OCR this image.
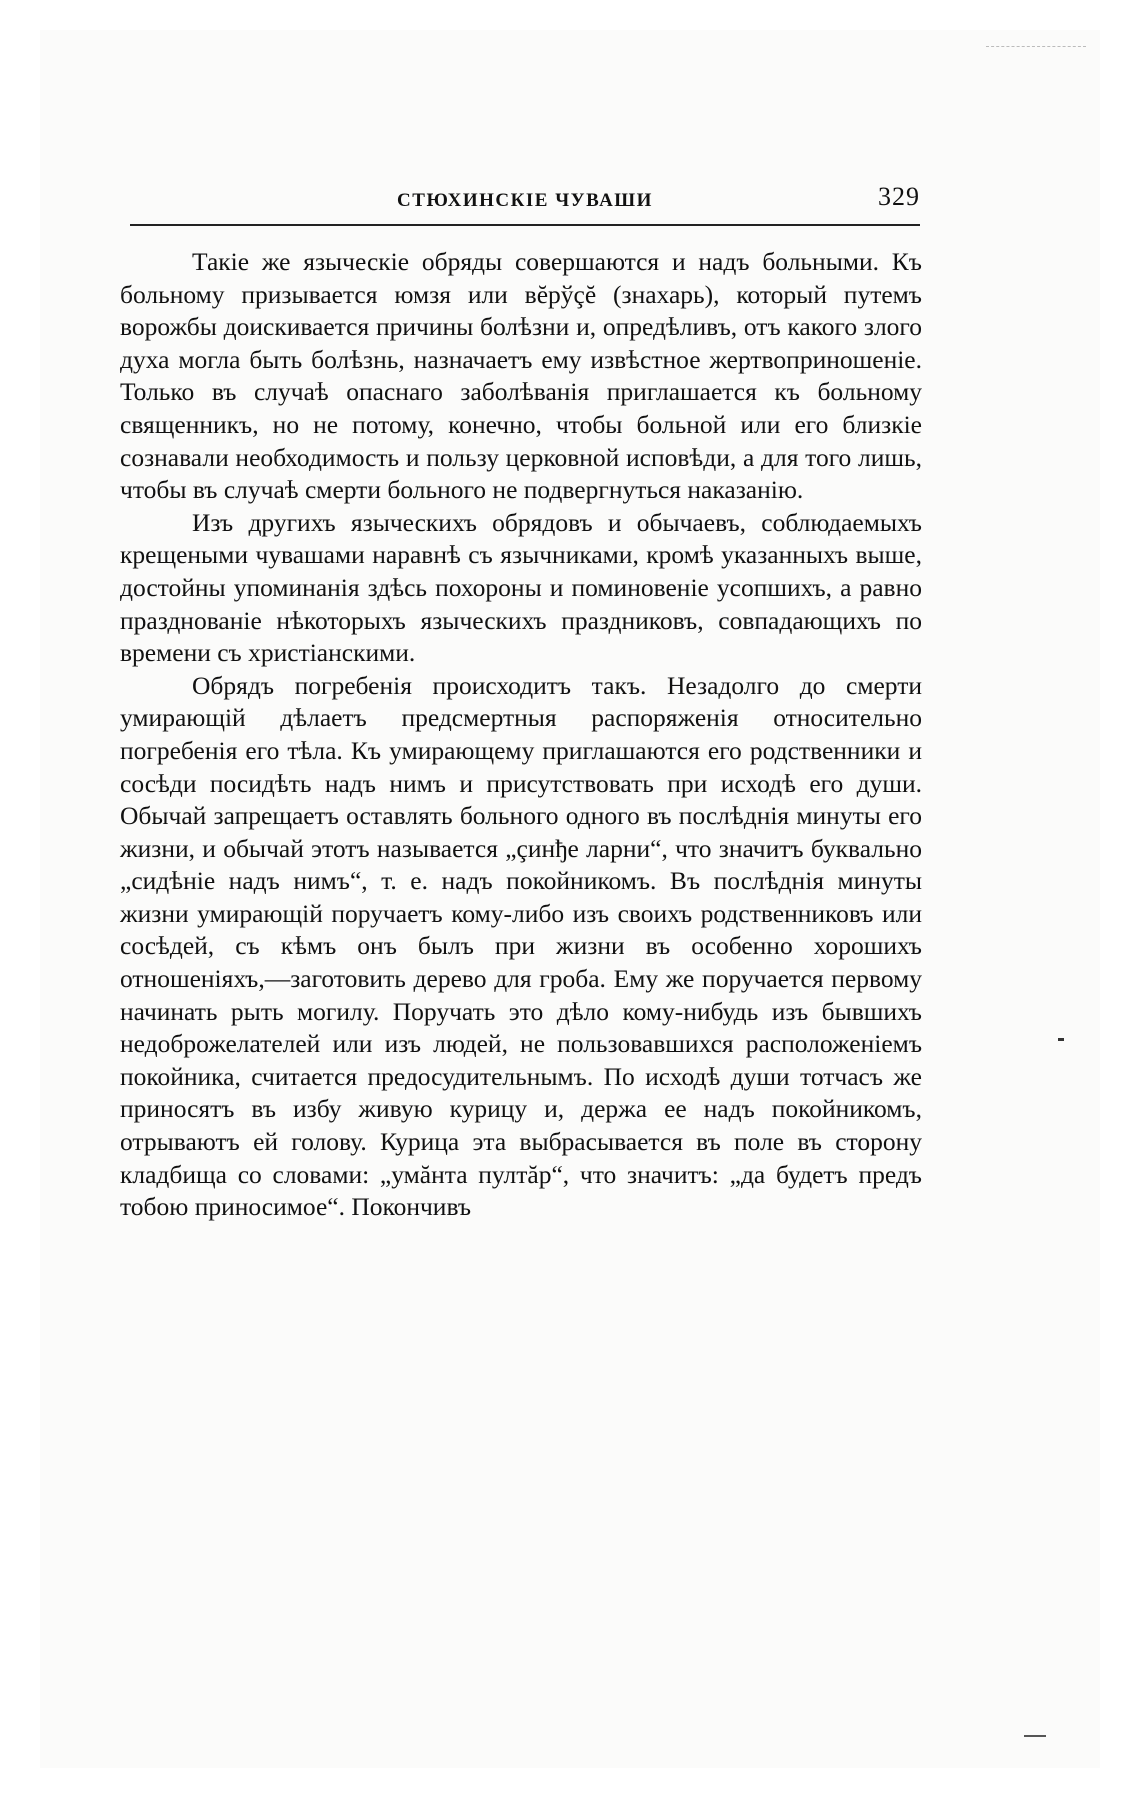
СТЮХИНСКІЕ ЧУВАШИ	329

Такіе же языческіе обряды совершаются и надъ больными. Къ больному призывается юмзя или вĕрўçĕ (знахарь), который путемъ ворожбы доискивается причины болѣзни и, опредѣливъ, отъ какого злого духа могла быть болѣзнь, назначаетъ ему извѣстное жертвоприношеніе. Только въ случаѣ опаснаго заболѣванія приглашается къ больному священникъ, но не потому, конечно, чтобы больной или его близкіе сознавали необходимость и пользу церковной исповѣди, а для того лишь, чтобы въ случаѣ смерти больного не подвергнуться наказанію.

Изъ другихъ языческихъ обрядовъ и обычаевъ, соблюдаемыхъ крещеными чувашами наравнѣ съ язычниками, кромѣ указанныхъ выше, достойны упоминанія здѣсь похороны и поминовеніе усопшихъ, а равно празднованіе нѣкоторыхъ языческихъ праздниковъ, совпадающихъ по времени съ христіанскими.

Обрядъ погребенія происходитъ такъ. Незадолго до смерти умирающій дѣлаетъ предсмертныя распоряженія относительно погребенія его тѣла. Къ умирающему приглашаются его родственники и сосѣди посидѣть надъ нимъ и присутствовать при исходѣ его души. Обычай запрещаетъ оставлять больного одного въ послѣднія минуты его жизни, и обычай этотъ называется „çинђе ларни“, что значитъ буквально „сидѣніе надъ нимъ“, т. е. надъ покойникомъ. Въ послѣднія минуты жизни умирающій поручаетъ кому-либо изъ своихъ родственниковъ или сосѣдей, съ кѣмъ онъ былъ при жизни въ особенно хорошихъ отношеніяхъ,—заготовить дерево для гроба. Ему же поручается первому начинать рыть могилу. Поручать это дѣло кому-нибудь изъ бывшихъ недоброжелателей или изъ людей, не пользовавшихся расположеніемъ покойника, считается предосудительнымъ. По исходѣ души тотчасъ же приносятъ въ избу живую курицу и, держа ее надъ покойникомъ, отрываютъ ей голову. Курица эта выбрасывается въ поле въ сторону кладбища со словами: „умăнта пултăр“, что значитъ: „да будетъ предъ тобою приносимое“. Покончивъ
